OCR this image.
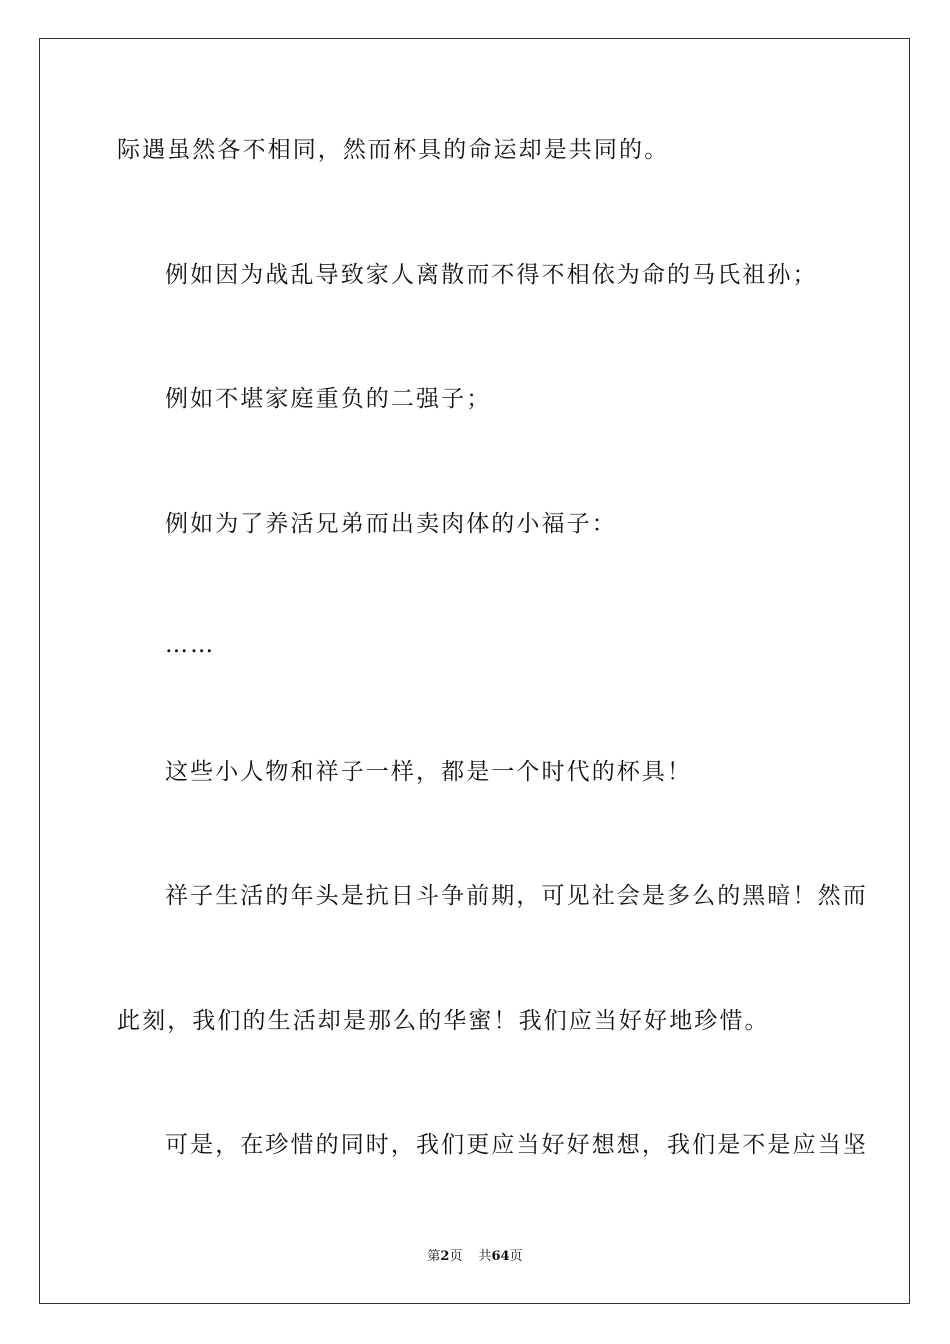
际遇虽然各不相同，然而杯具的命运却是共同的。
例如因为战乱导致家人离散而不得不相依为命的马氏祖孙；
例如不堪家庭重负的二强子；
例如为了养活兄弟而出卖肉体的小福子：
……
这些小人物和祥子一样，都是一个时代的杯具！
祥子生活的年头是抗日斗争前期，可见社会是多么的黑暗！然而
此刻，我们的生活却是那么的华蜜！我们应当好好地珍惜。
可是，在珍惜的同时，我们更应当好好想想，我们是不是应当坚
第2页 共64页
